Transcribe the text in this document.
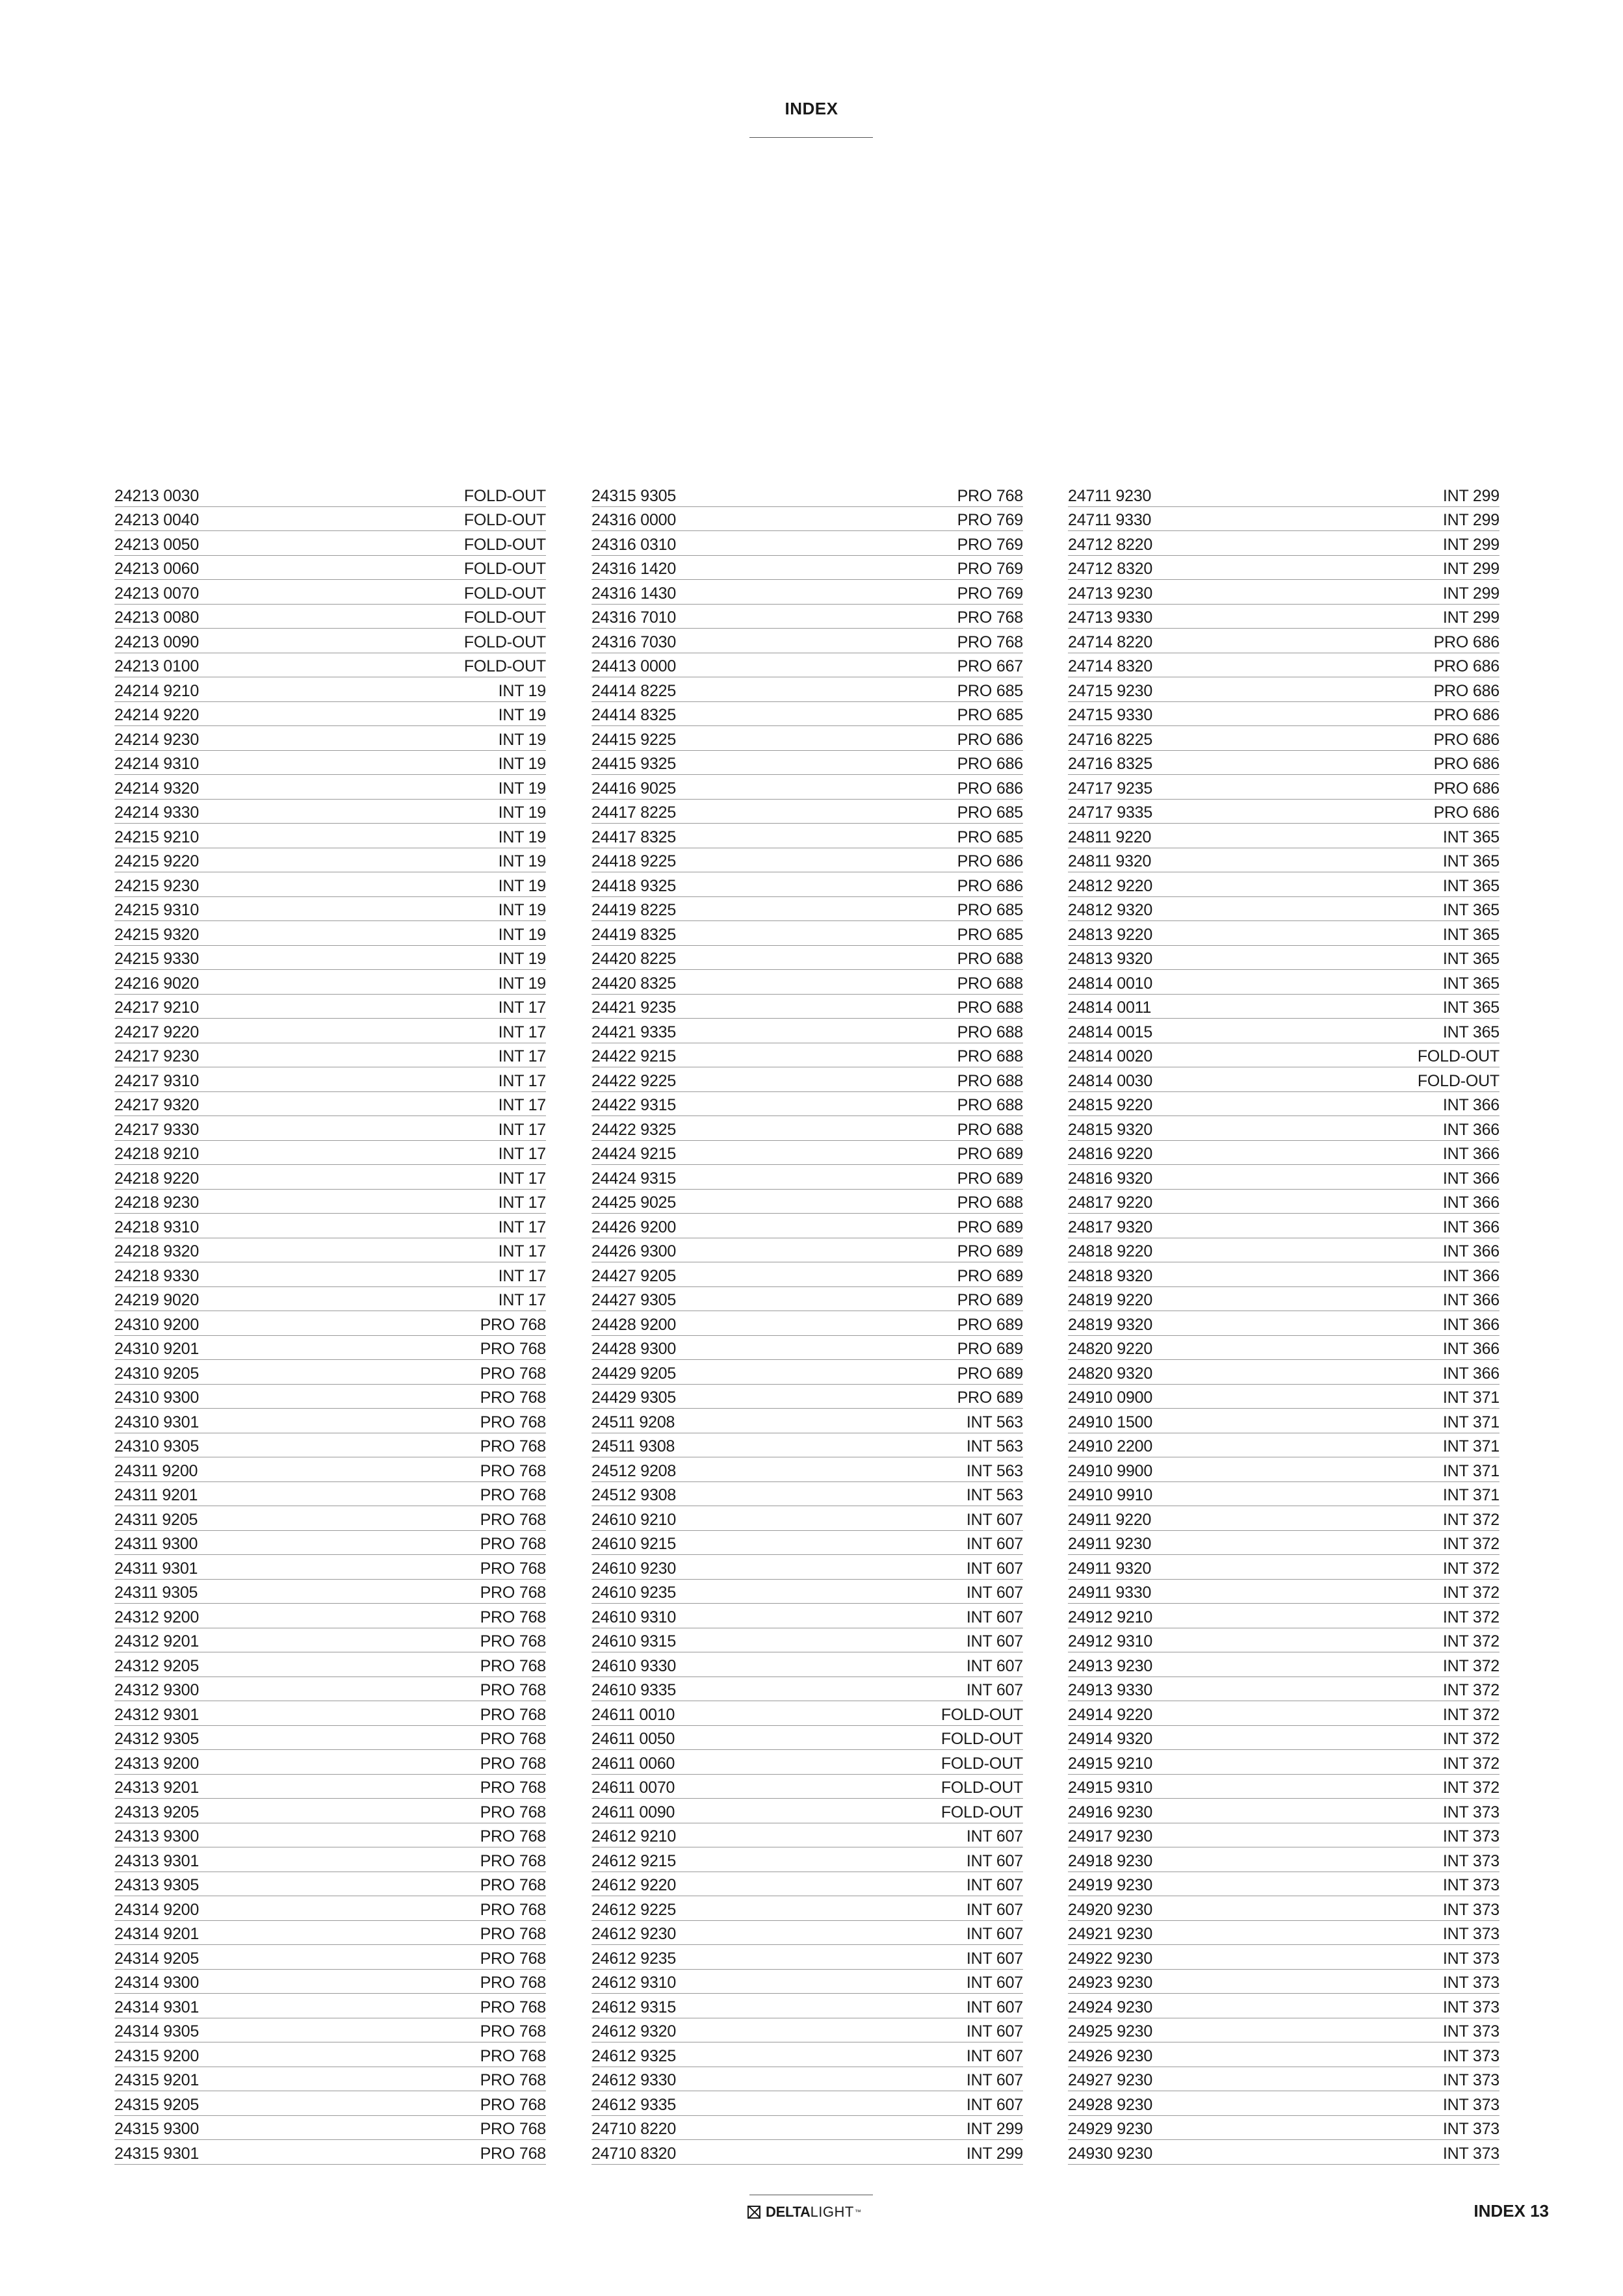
INDEX
24213 0030	FOLD-OUT
24213 0040	FOLD-OUT
24213 0050	FOLD-OUT
24213 0060	FOLD-OUT
24213 0070	FOLD-OUT
24213 0080	FOLD-OUT
24213 0090	FOLD-OUT
24213 0100	FOLD-OUT
24214 9210	INT 19
24214 9220	INT 19
24214 9230	INT 19
24214 9310	INT 19
24214 9320	INT 19
24214 9330	INT 19
24215 9210	INT 19
24215 9220	INT 19
24215 9230	INT 19
24215 9310	INT 19
24215 9320	INT 19
24215 9330	INT 19
24216 9020	INT 19
24217 9210	INT 17
24217 9220	INT 17
24217 9230	INT 17
24217 9310	INT 17
24217 9320	INT 17
24217 9330	INT 17
24218 9210	INT 17
24218 9220	INT 17
24218 9230	INT 17
24218 9310	INT 17
24218 9320	INT 17
24218 9330	INT 17
24219 9020	INT 17
24310 9200	PRO 768
24310 9201	PRO 768
24310 9205	PRO 768
24310 9300	PRO 768
24310 9301	PRO 768
24310 9305	PRO 768
24311 9200	PRO 768
24311 9201	PRO 768
24311 9205	PRO 768
24311 9300	PRO 768
24311 9301	PRO 768
24311 9305	PRO 768
24312 9200	PRO 768
24312 9201	PRO 768
24312 9205	PRO 768
24312 9300	PRO 768
24312 9301	PRO 768
24312 9305	PRO 768
24313 9200	PRO 768
24313 9201	PRO 768
24313 9205	PRO 768
24313 9300	PRO 768
24313 9301	PRO 768
24313 9305	PRO 768
24314 9200	PRO 768
24314 9201	PRO 768
24314 9205	PRO 768
24314 9300	PRO 768
24314 9301	PRO 768
24314 9305	PRO 768
24315 9200	PRO 768
24315 9201	PRO 768
24315 9205	PRO 768
24315 9300	PRO 768
24315 9301	PRO 768
24315 9305	PRO 768
24316 0000	PRO 769
24316 0310	PRO 769
24316 1420	PRO 769
24316 1430	PRO 769
24316 7010	PRO 768
24316 7030	PRO 768
24413 0000	PRO 667
24414 8225	PRO 685
24414 8325	PRO 685
24415 9225	PRO 686
24415 9325	PRO 686
24416 9025	PRO 686
24417 8225	PRO 685
24417 8325	PRO 685
24418 9225	PRO 686
24418 9325	PRO 686
24419 8225	PRO 685
24419 8325	PRO 685
24420 8225	PRO 688
24420 8325	PRO 688
24421 9235	PRO 688
24421 9335	PRO 688
24422 9215	PRO 688
24422 9225	PRO 688
24422 9315	PRO 688
24422 9325	PRO 688
24424 9215	PRO 689
24424 9315	PRO 689
24425 9025	PRO 688
24426 9200	PRO 689
24426 9300	PRO 689
24427 9205	PRO 689
24427 9305	PRO 689
24428 9200	PRO 689
24428 9300	PRO 689
24429 9205	PRO 689
24429 9305	PRO 689
24511 9208	INT 563
24511 9308	INT 563
24512 9208	INT 563
24512 9308	INT 563
24610 9210	INT 607
24610 9215	INT 607
24610 9230	INT 607
24610 9235	INT 607
24610 9310	INT 607
24610 9315	INT 607
24610 9330	INT 607
24610 9335	INT 607
24611 0010	FOLD-OUT
24611 0050	FOLD-OUT
24611 0060	FOLD-OUT
24611 0070	FOLD-OUT
24611 0090	FOLD-OUT
24612 9210	INT 607
24612 9215	INT 607
24612 9220	INT 607
24612 9225	INT 607
24612 9230	INT 607
24612 9235	INT 607
24612 9310	INT 607
24612 9315	INT 607
24612 9320	INT 607
24612 9325	INT 607
24612 9330	INT 607
24612 9335	INT 607
24710 8220	INT 299
24710 8320	INT 299
24711 9230	INT 299
24711 9330	INT 299
24712 8220	INT 299
24712 8320	INT 299
24713 9230	INT 299
24713 9330	INT 299
24714 8220	PRO 686
24714 8320	PRO 686
24715 9230	PRO 686
24715 9330	PRO 686
24716 8225	PRO 686
24716 8325	PRO 686
24717 9235	PRO 686
24717 9335	PRO 686
24811 9220	INT 365
24811 9320	INT 365
24812 9220	INT 365
24812 9320	INT 365
24813 9220	INT 365
24813 9320	INT 365
24814 0010	INT 365
24814 0011	INT 365
24814 0015	INT 365
24814 0020	FOLD-OUT
24814 0030	FOLD-OUT
24815 9220	INT 366
24815 9320	INT 366
24816 9220	INT 366
24816 9320	INT 366
24817 9220	INT 366
24817 9320	INT 366
24818 9220	INT 366
24818 9320	INT 366
24819 9220	INT 366
24819 9320	INT 366
24820 9220	INT 366
24820 9320	INT 366
24910 0900	INT 371
24910 1500	INT 371
24910 2200	INT 371
24910 9900	INT 371
24910 9910	INT 371
24911 9220	INT 372
24911 9230	INT 372
24911 9320	INT 372
24911 9330	INT 372
24912 9210	INT 372
24912 9310	INT 372
24913 9230	INT 372
24913 9330	INT 372
24914 9220	INT 372
24914 9320	INT 372
24915 9210	INT 372
24915 9310	INT 372
24916 9230	INT 373
24917 9230	INT 373
24918 9230	INT 373
24919 9230	INT 373
24920 9230	INT 373
24921 9230	INT 373
24922 9230	INT 373
24923 9230	INT 373
24924 9230	INT 373
24925 9230	INT 373
24926 9230	INT 373
24927 9230	INT 373
24928 9230	INT 373
24929 9230	INT 373
24930 9230	INT 373
DELTA LIGHT ™	INDEX 13
